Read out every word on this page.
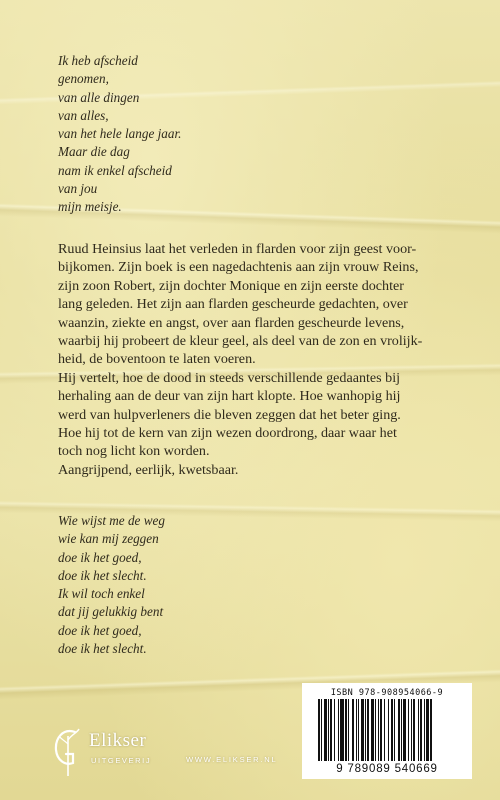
Ik heb afscheid
genomen,
van alle dingen
van alles,
van het hele lange jaar.
Maar die dag
nam ik enkel afscheid
van jou
mijn meisje.
Ruud Heinsius laat het verleden in flarden voor zijn geest voor-
bijkomen. Zijn boek is een nagedachtenis aan zijn vrouw Reins,
zijn zoon Robert, zijn dochter Monique en zijn eerste dochter
lang geleden. Het zijn aan flarden gescheurde gedachten, over
waanzin, ziekte en angst, over aan flarden gescheurde levens,
waarbij hij probeert de kleur geel, als deel van de zon en vrolijk-
heid, de boventoon te laten voeren.
Hij vertelt, hoe de dood in steeds verschillende gedaantes bij
herhaling aan de deur van zijn hart klopte. Hoe wanhopig hij
werd van hulpverleners die bleven zeggen dat het beter ging.
Hoe hij tot de kern van zijn wezen doordrong, daar waar het
toch nog licht kon worden.
Aangrijpend, eerlijk, kwetsbaar.
Wie wijst me de weg
wie kan mij zeggen
doe ik het goed,
doe ik het slecht.
Ik wil toch enkel
dat jij gelukkig bent
doe ik het goed,
doe ik het slecht.
Elikser
UITGEVERIJ	WWW.ELIKSER.NL
ISBN 978-908954066-9
9 789089 540669
